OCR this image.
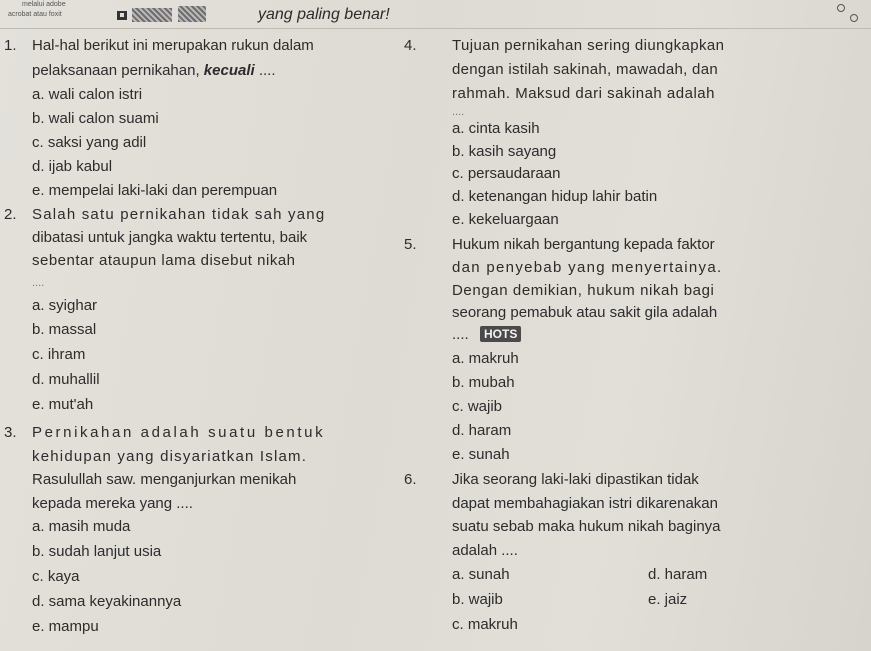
melalui adobe
acrobat atau foxit	yang paling benar!
1. Hal-hal berikut ini merupakan rukun dalam
pelaksanaan pernikahan, kecuali ....
a. wali calon istri
b. wali calon suami
c. saksi yang adil
d. ijab kabul
e. mempelai laki-laki dan perempuan
2. Salah satu pernikahan tidak sah yang
dibatasi untuk jangka waktu tertentu, baik
sebentar ataupun lama disebut nikah
....
a. syighar
b. massal
c. ihram
d. muhallil
e. mut'ah
3. Pernikahan adalah suatu bentuk
kehidupan yang disyariatkan Islam.
Rasulullah saw. menganjurkan menikah
kepada mereka yang ....
a. masih muda
b. sudah lanjut usia
c. kaya
d. sama keyakinannya
e. mampu
4. Tujuan pernikahan sering diungkapkan
dengan istilah sakinah, mawadah, dan
rahmah. Maksud dari sakinah adalah
....
a. cinta kasih
b. kasih sayang
c. persaudaraan
d. ketenangan hidup lahir batin
e. kekeluargaan
5. Hukum nikah bergantung kepada faktor
dan penyebab yang menyertainya.
Dengan demikian, hukum nikah bagi
seorang pemabuk atau sakit gila adalah
....	HOTS
a. makruh
b. mubah
c. wajib
d. haram
e. sunah
6. Jika seorang laki-laki dipastikan tidak
dapat membahagiakan istri dikarenakan
suatu sebab maka hukum nikah baginya
adalah ....
a. sunah
b. wajib
c. makruh
d. haram
e. jaiz
